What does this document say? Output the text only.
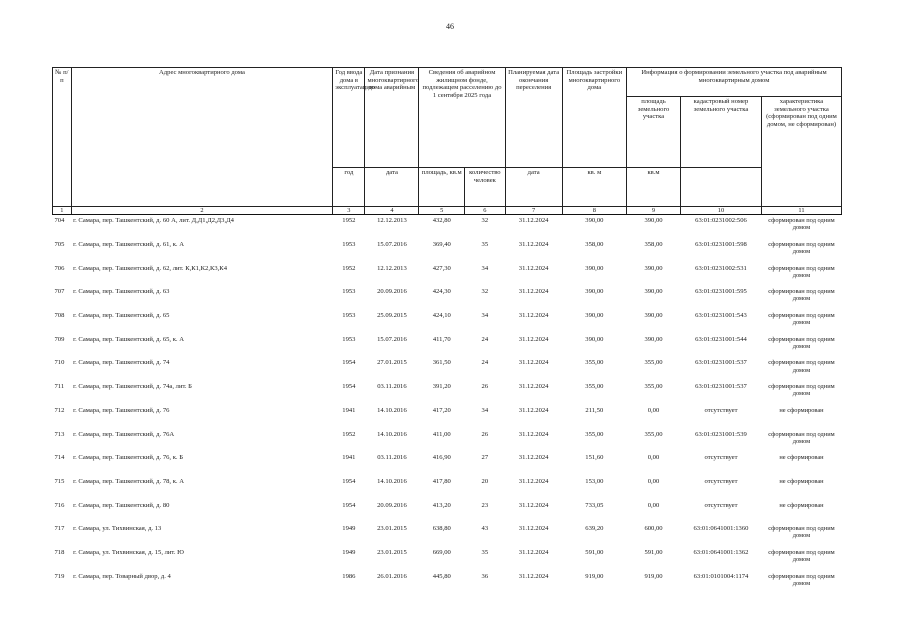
46
№ п/п	Адрес многоквартирного дома	Год ввода дома в эксплуатацию	Дата признания многоквартирного дома аварийным	Сведения об аварийном жилищном фонде, подлежащем расселению до 1 сентября 2025 года		Планируемая дата окончания переселения	Площадь застройки многоквартирного дома	Информация о формировании земельного участка под аварийным многоквартирным домом		
								площадь земельного участка	кадастровый номер земельного участка	характеристика земельного участка (сформирован под одним домом, не сформирован)
		год	дата	площадь, кв.м	количество человек	дата	кв. м	кв.м		
1	2	3	4	5	6	7	8	9	10	11
704	г. Самара, пер. Ташкентский, д. 60 А, лит. Д,Д1,Д2,Д3,Д4	1952	12.12.2013	432,80	32	31.12.2024	390,00	390,00	63:01:0231002:506	сформирован под одним домом
705	г. Самара, пер. Ташкентский, д. 61, к. А	1953	15.07.2016	369,40	35	31.12.2024	358,00	358,00	63:01:0231001:598	сформирован под одним домом
706	г. Самара, пер. Ташкентский, д. 62, лит. К,К1,К2,К3,К4	1952	12.12.2013	427,30	34	31.12.2024	390,00	390,00	63:01:0231002:531	сформирован под одним домом
707	г. Самара, пер. Ташкентский, д. 63	1953	20.09.2016	424,30	32	31.12.2024	390,00	390,00	63:01:0231001:595	сформирован под одним домом
708	г. Самара, пер. Ташкентский, д. 65	1953	25.09.2015	424,10	34	31.12.2024	390,00	390,00	63:01:0231001:543	сформирован под одним домом
709	г. Самара, пер. Ташкентский, д. 65, к. А	1953	15.07.2016	411,70	24	31.12.2024	390,00	390,00	63:01:0231001:544	сформирован под одним домом
710	г. Самара, пер. Ташкентский, д. 74	1954	27.01.2015	361,50	24	31.12.2024	355,00	355,00	63:01:0231001:537	сформирован под одним домом
711	г. Самара, пер. Ташкентский, д. 74а, лит. Б	1954	03.11.2016	391,20	26	31.12.2024	355,00	355,00	63:01:0231001:537	сформирован под одним домом
712	г. Самара, пер. Ташкентский, д. 76	1941	14.10.2016	417,20	34	31.12.2024	211,50	0,00	отсутствует	не сформирован
713	г. Самара, пер. Ташкентский, д. 76А	1952	14.10.2016	411,00	26	31.12.2024	355,00	355,00	63:01:0231001:539	сформирован под одним домом
714	г. Самара, пер. Ташкентский, д. 76, к. Б	1941	03.11.2016	416,90	27	31.12.2024	151,60	0,00	отсутствует	не сформирован
715	г. Самара, пер. Ташкентский, д. 78, к. А	1954	14.10.2016	417,80	20	31.12.2024	153,00	0,00	отсутствует	не сформирован
716	г. Самара, пер. Ташкентский, д. 80	1954	20.09.2016	413,20	23	31.12.2024	733,05	0,00	отсутствует	не сформирован
717	г. Самара, ул. Тихвинская, д. 13	1949	23.01.2015	638,80	43	31.12.2024	639,20	600,00	63:01:0641001:1360	сформирован под одним домом
718	г. Самара, ул. Тихвинская, д. 15, лит. Ю	1949	23.01.2015	669,00	35	31.12.2024	591,00	591,00	63:01:0641001:1362	сформирован под одним домом
719	г. Самара, пер. Товарный двор, д. 4	1986	26.01.2016	445,80	36	31.12.2024	919,00	919,00	63:01:0101004:1174	сформирован под одним домом
